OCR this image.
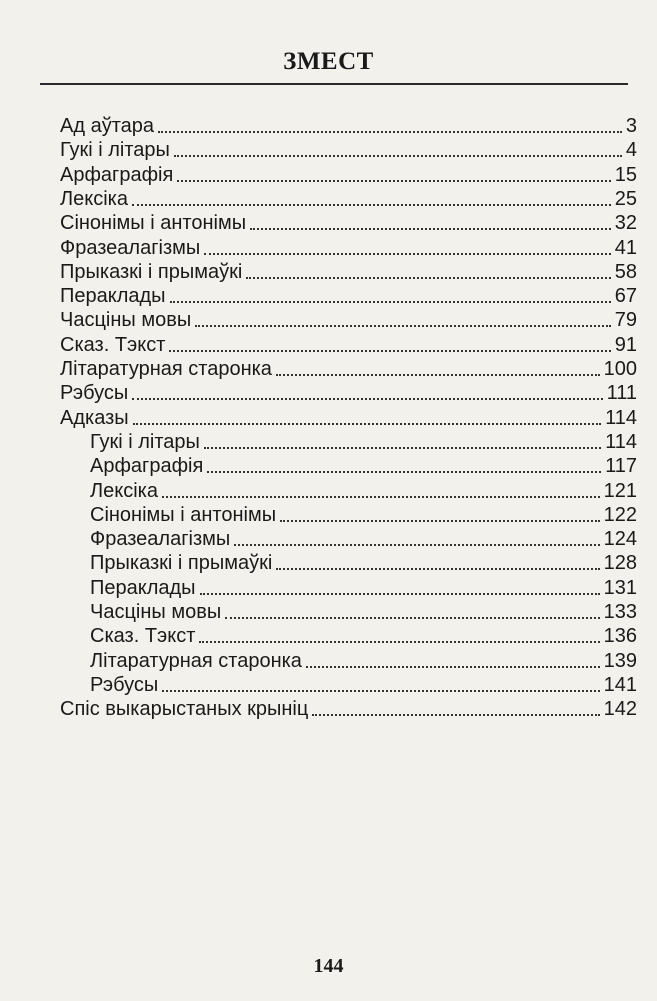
ЗМЕСТ
Ад аўтара	3
Гукі і літары	4
Арфаграфія	15
Лексіка	25
Сінонімы і антонімы	32
Фразеалагізмы	41
Прыказкі і прымаўкі	58
Пераклады	67
Часціны мовы	79
Сказ. Тэкст	91
Літаратурная старонка	100
Рэбусы	111
Адказы	114
Гукі і літары	114
Арфаграфія	117
Лексіка	121
Сінонімы і антонімы	122
Фразеалагізмы	124
Прыказкі і прымаўкі	128
Пераклады	131
Часціны мовы	133
Сказ. Тэкст	136
Літаратурная старонка	139
Рэбусы	141
Спіс выкарыстаных крыніц	142
144
